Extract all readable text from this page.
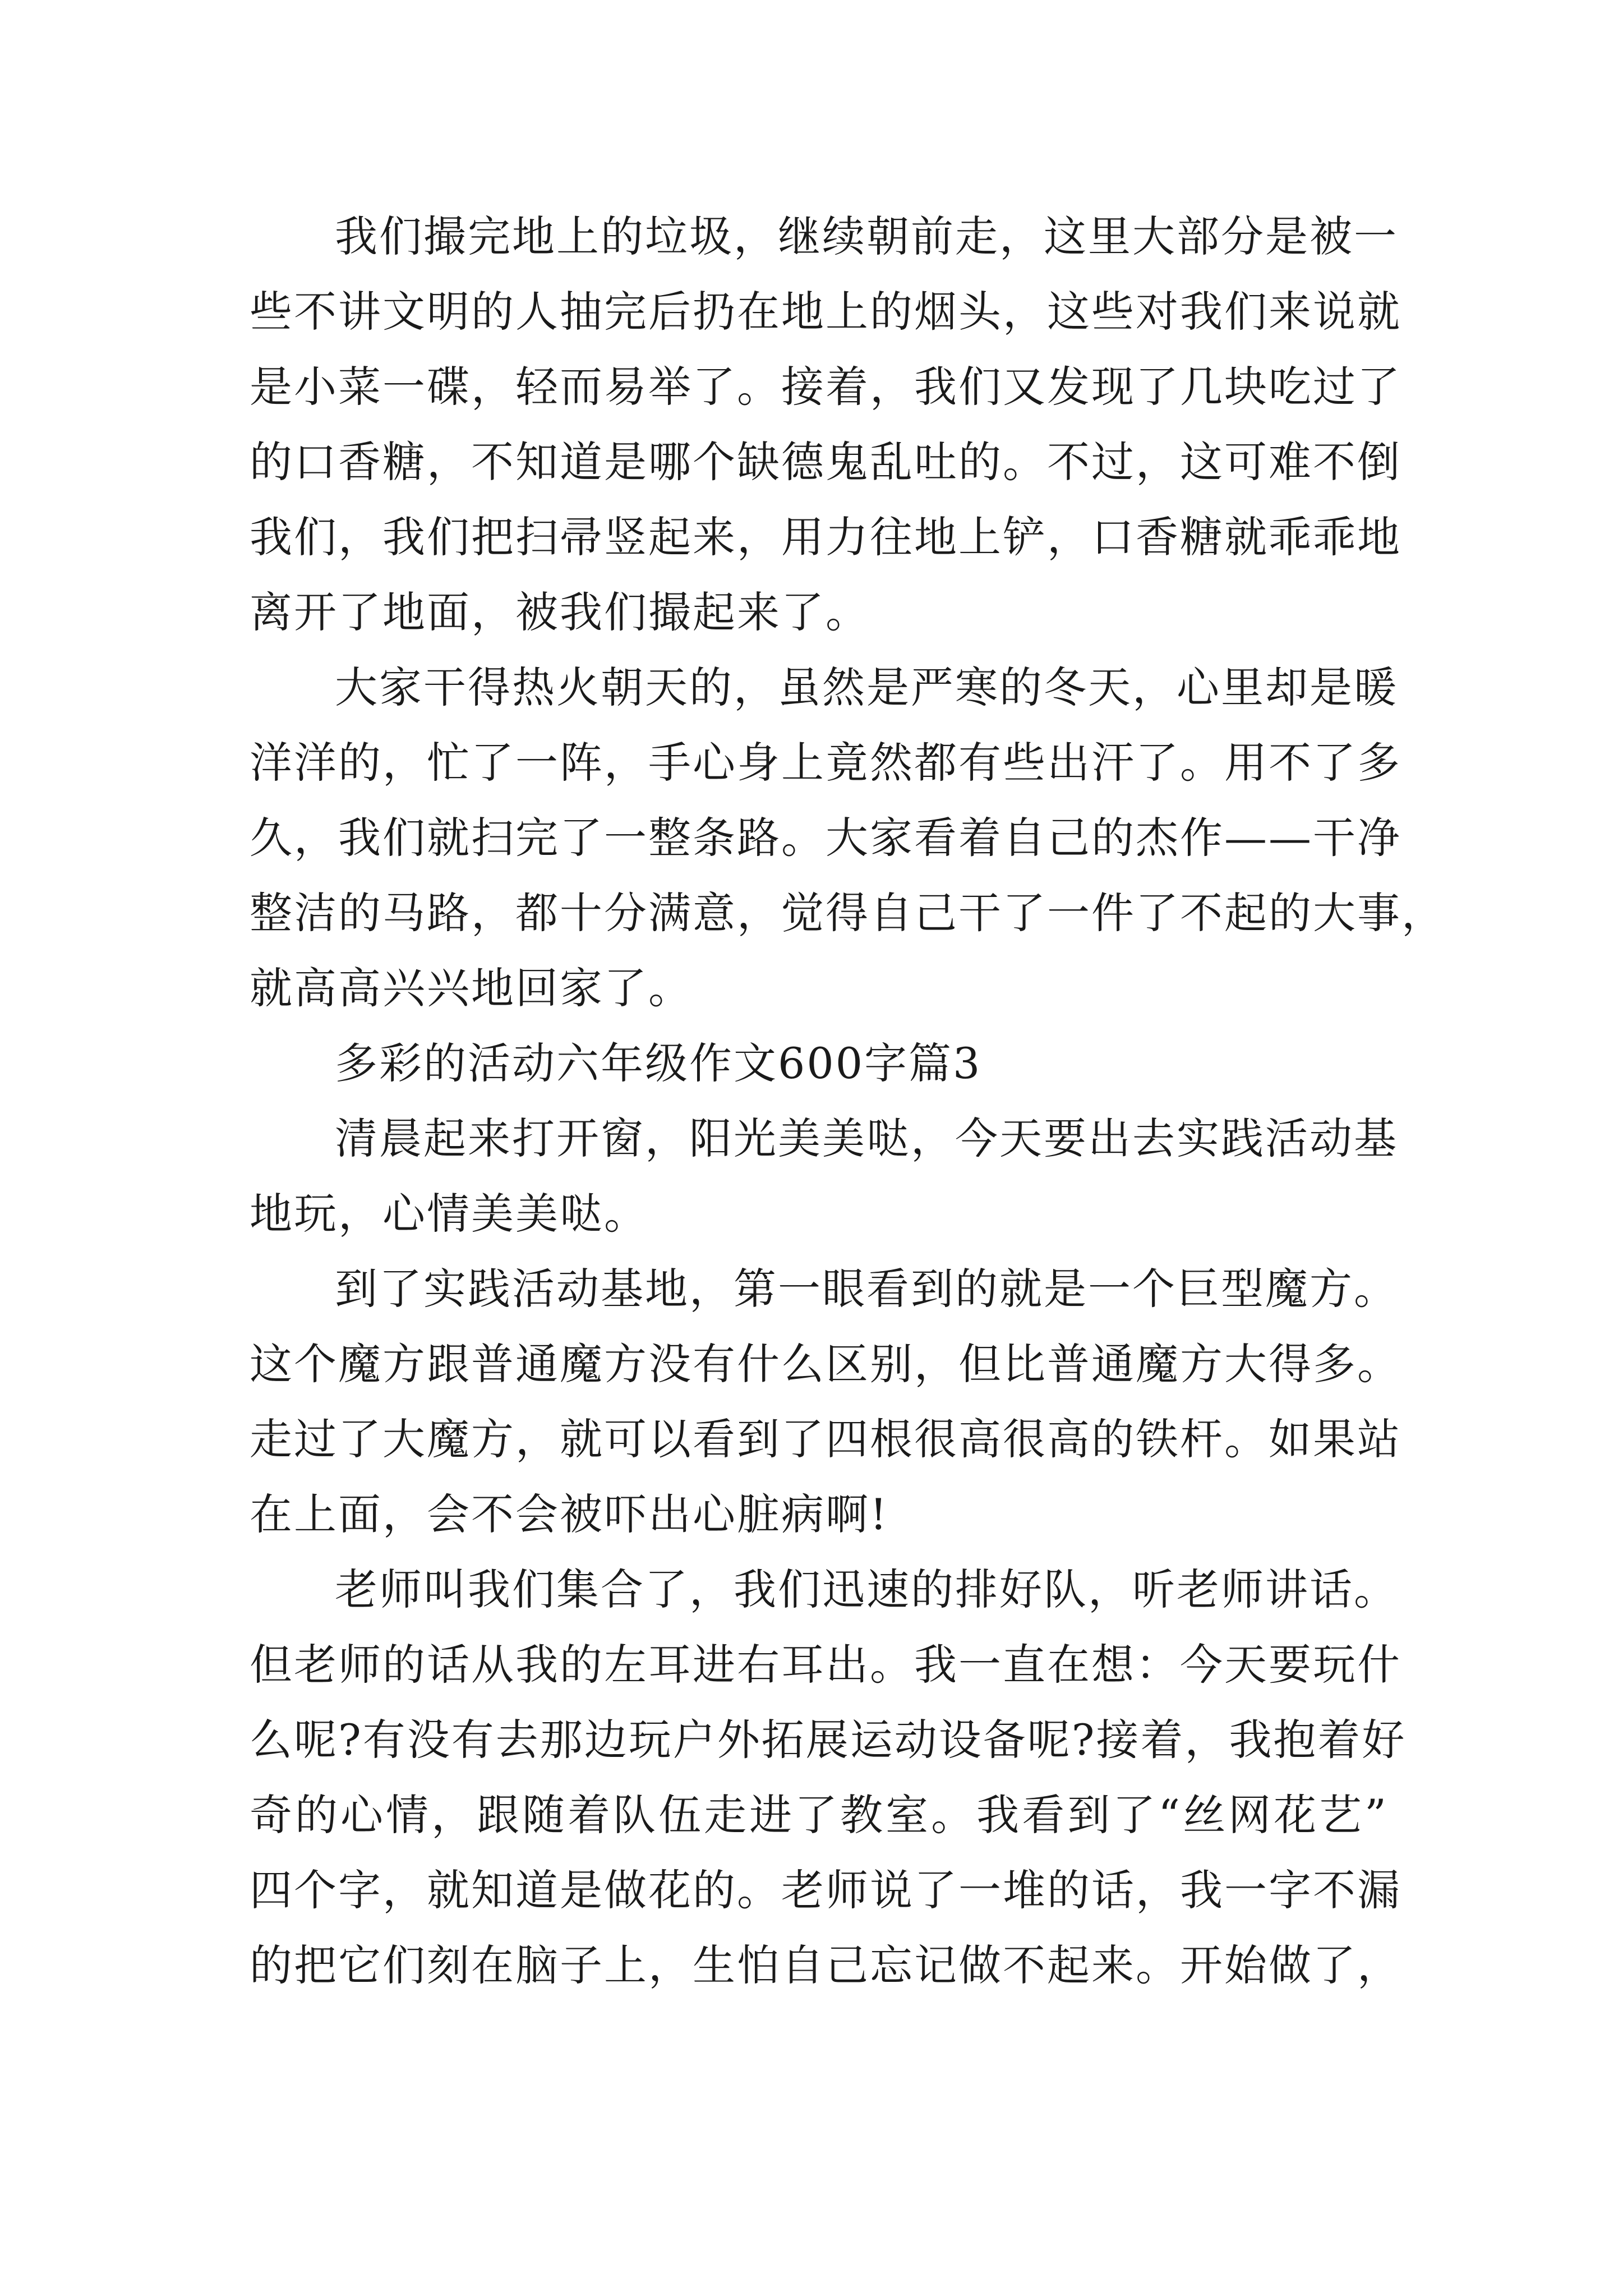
我们撮完地上的垃圾，继续朝前走，这里大部分是被一
些不讲文明的人抽完后扔在地上的烟头，这些对我们来说就
是小菜一碟，轻而易举了。接着，我们又发现了几块吃过了
的口香糖，不知道是哪个缺德鬼乱吐的。不过，这可难不倒
我们，我们把扫帚竖起来，用力往地上铲，口香糖就乖乖地
离开了地面，被我们撮起来了。
大家干得热火朝天的，虽然是严寒的冬天，心里却是暖
洋洋的，忙了一阵，手心身上竟然都有些出汗了。用不了多
久，我们就扫完了一整条路。大家看着自己的杰作——干净
整洁的马路，都十分满意，觉得自己干了一件了不起的大事，
就高高兴兴地回家了。
多彩的活动六年级作文600字篇3
清晨起来打开窗，阳光美美哒，今天要出去实践活动基
地玩，心情美美哒。
到了实践活动基地，第一眼看到的就是一个巨型魔方。
这个魔方跟普通魔方没有什么区别，但比普通魔方大得多。
走过了大魔方，就可以看到了四根很高很高的铁杆。如果站
在上面，会不会被吓出心脏病啊!
老师叫我们集合了，我们迅速的排好队，听老师讲话。
但老师的话从我的左耳进右耳出。我一直在想：今天要玩什
么呢?有没有去那边玩户外拓展运动设备呢?接着，我抱着好
奇的心情，跟随着队伍走进了教室。我看到了“丝网花艺”
四个字，就知道是做花的。老师说了一堆的话，我一字不漏
的把它们刻在脑子上，生怕自己忘记做不起来。开始做了，
